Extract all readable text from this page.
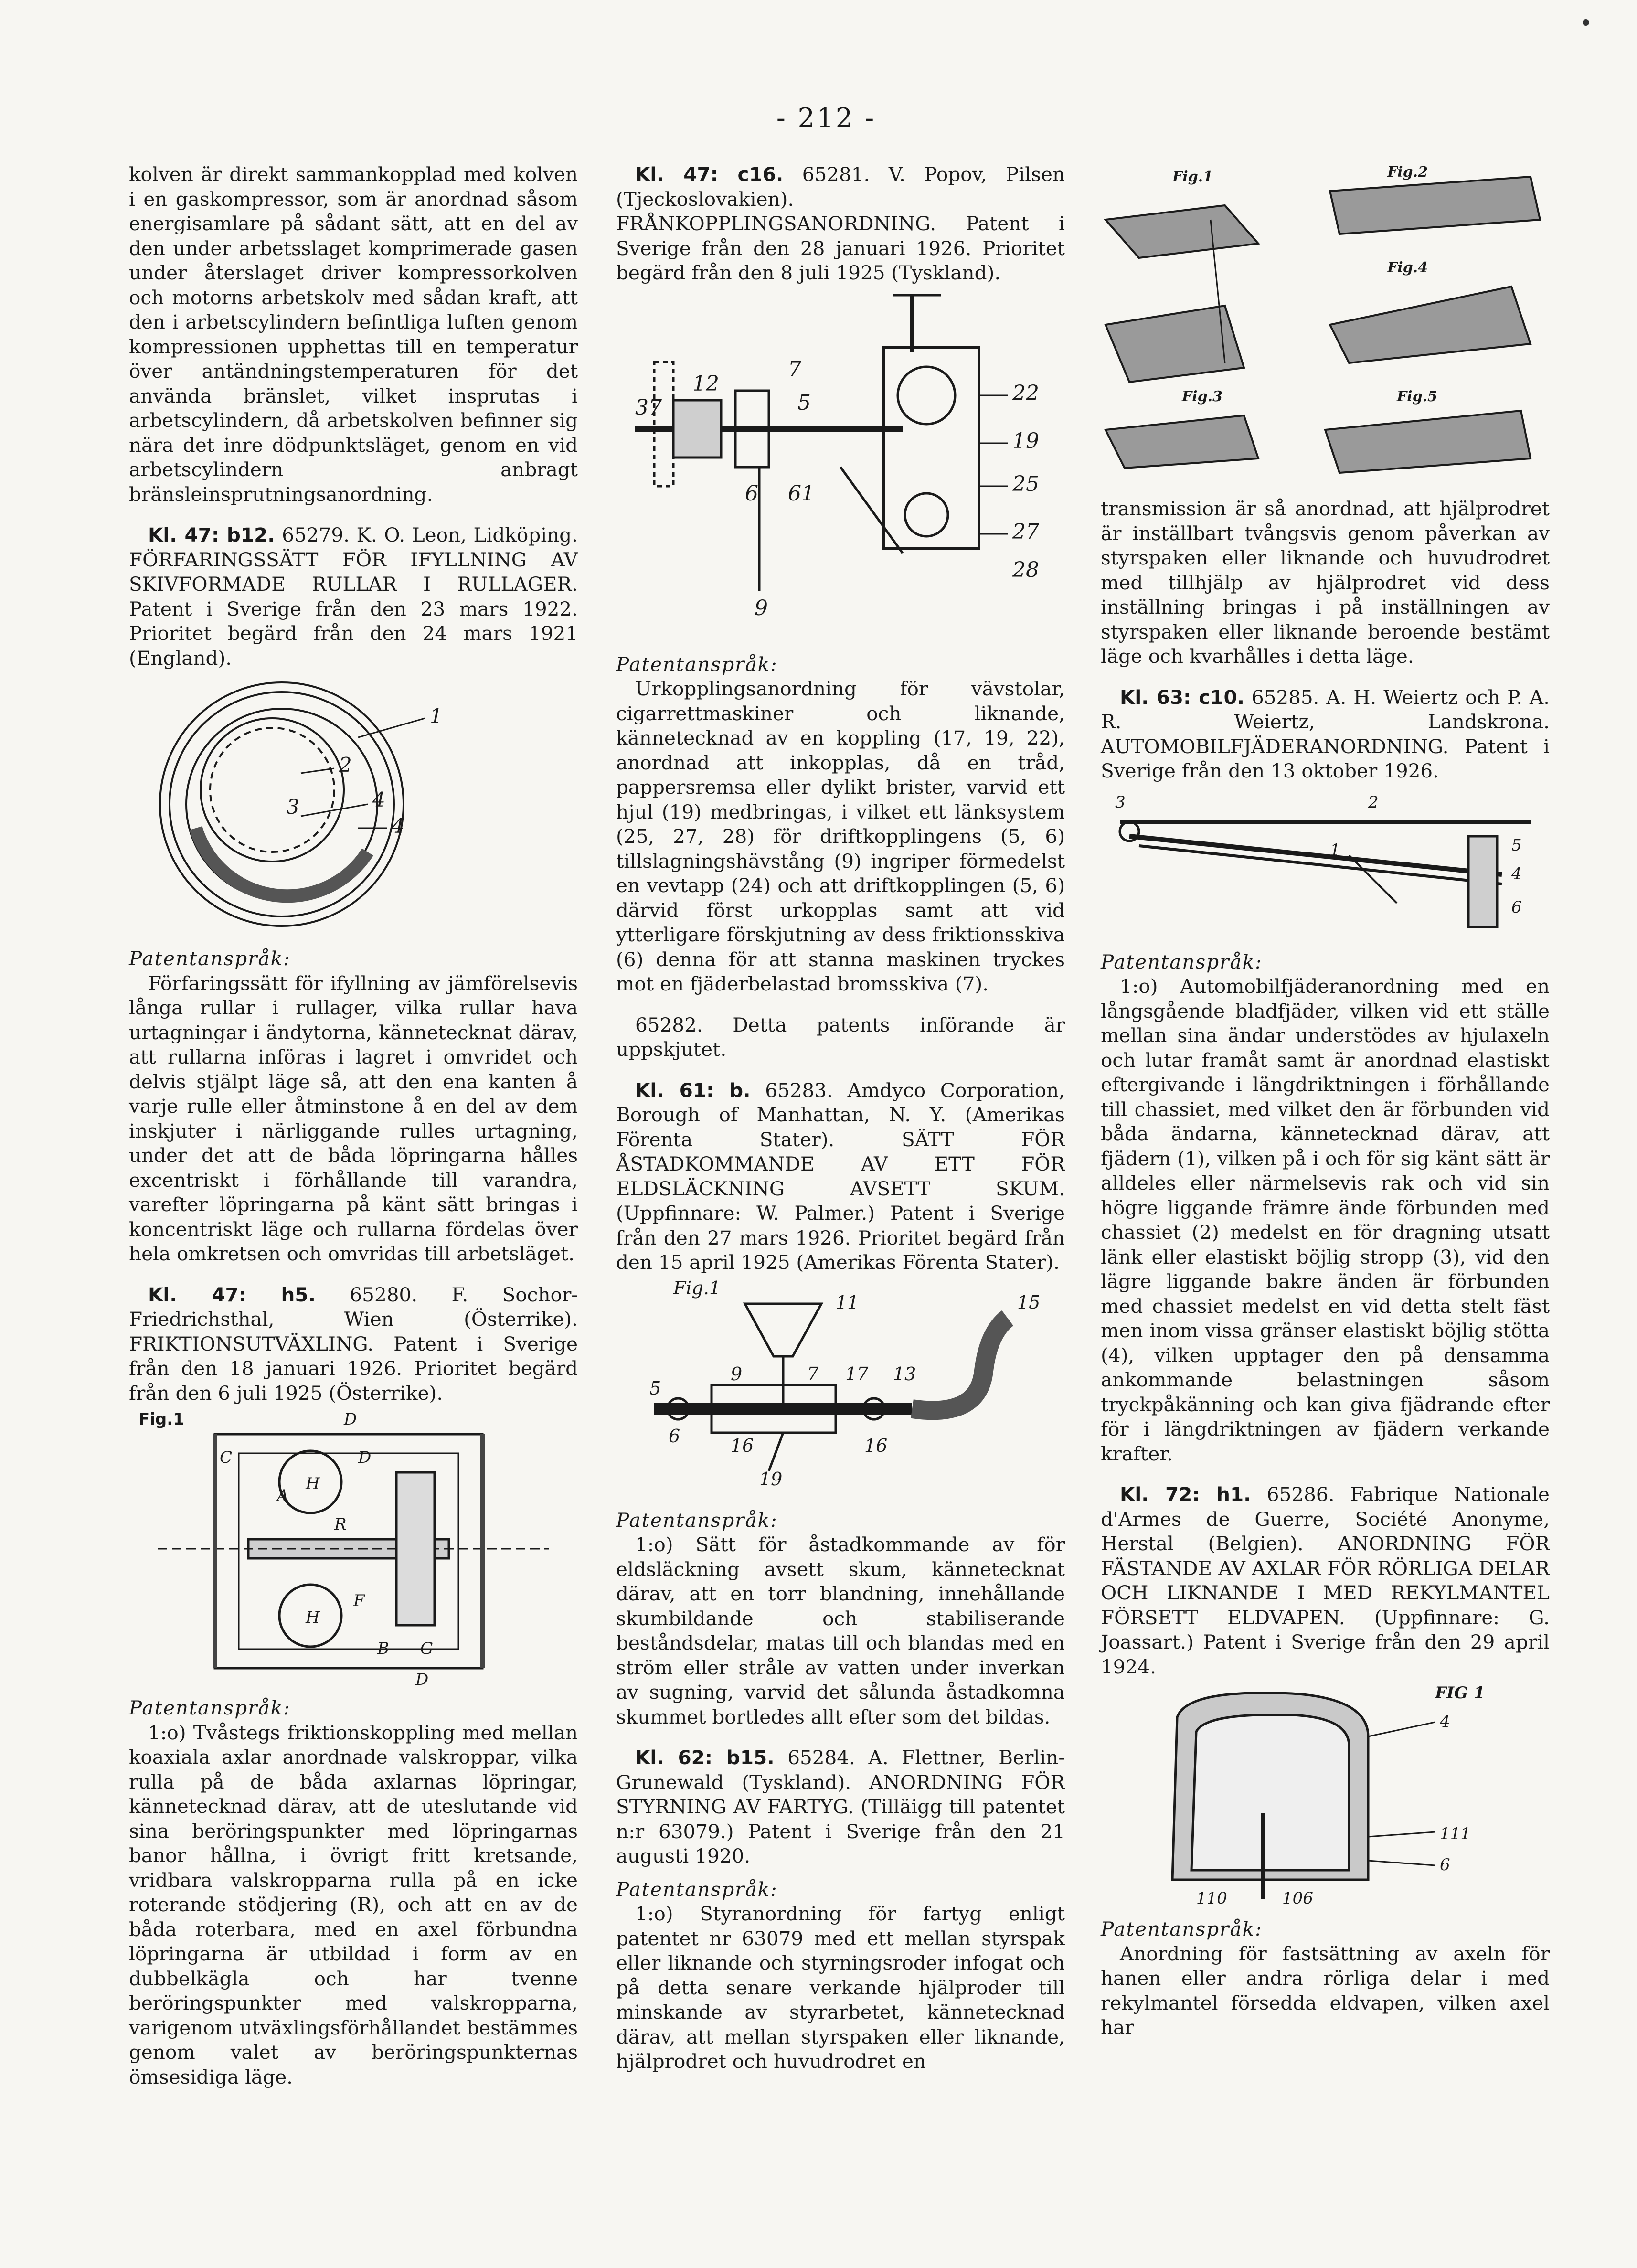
- 212 -

kolven är direkt sammankopplad med kolven i en gaskompressor, som är anordnad såsom energisamlare på sådant sätt, att en del av den under arbetsslaget komprimerade gasen under återslaget driver kompressorkolven och motorns arbetskolv med sådan kraft, att den i arbetscylindern befintliga luften genom kompressionen upphettas till en temperatur över antändningstemperaturen för det använda bränslet, vilket insprutas i arbetscylindern, då arbetskolven befinner sig nära det inre dödpunktsläget, genom en vid arbetscylindern anbragt bränsleinsprutningsanordning.

Kl. 47: b12. 65279. K. O. Leon, Lidköping. FÖRFARINGSSÄTT FÖR IFYLLNING AV SKIVFORMADE RULLAR I RULLAGER. Patent i Sverige från den 23 mars 1922. Prioritet begärd från den 24 mars 1921 (England).

1
2
3	4
4

Patentanspråk:

Förfaringssätt för ifyllning av jämförelsevis långa rullar i rullager, vilka rullar hava urtagningar i ändytorna, kännetecknat därav, att rullarna införas i lagret i omvridet och delvis stjälpt läge så, att den ena kanten å varje rulle eller åtminstone å en del av dem inskjuter i närliggande rulles urtagning, under det att de båda löpringarna hålles excentriskt i förhållande till varandra, varefter löpringarna på känt sätt bringas i koncentriskt läge och rullarna fördelas över hela omkretsen och omvridas till arbetsläget.

Kl. 47: h5. 65280. F. Sochor-Friedrichsthal, Wien (Österrike). FRIKTIONSUTVÄXLING. Patent i Sverige från den 18 januari 1926. Prioritet begärd från den 6 juli 1925 (Österrike).

Fig.1	D
C
A
H
R
H
D
F
B G
D

Patentanspråk:

1:o) Tvåstegs friktionskoppling med mellan koaxiala axlar anordnade valskroppar, vilka rulla på de båda axlarnas löpringar, kännetecknad därav, att de uteslutande vid sina beröringspunkter med löpringarnas banor hållna, i övrigt fritt kretsande, vridbara valskropparna rulla på en icke roterande stödjering (R), och att en av de båda roterbara, med en axel förbundna löpringarna är utbildad i form av en dubbelkägla och har tvenne beröringspunkter med valskropparna, varigenom utväxlingsförhållandet bestämmes genom valet av beröringspunkternas ömsesidiga läge.

Kl. 47: c16. 65281. V. Popov, Pilsen (Tjeckoslovakien). FRÅNKOPPLINGSANORDNING. Patent i Sverige från den 28 januari 1926. Prioritet begärd från den 8 juli 1925 (Tyskland).

7
22
19
25
27
28
9
37
12
5
6 61

Patentanspråk:

Urkopplingsanordning för vävstolar, cigarrettmaskiner och liknande, kännetecknad av en koppling (17, 19, 22), anordnad att inkopplas, då en tråd, pappersremsa eller dylikt brister, varvid ett hjul (19) medbringas, i vilket ett länksystem (25, 27, 28) för driftkopplingens (5, 6) tillslagningshävstång (9) ingriper förmedelst en vevtapp (24) och att driftkopplingen (5, 6) därvid först urkopplas samt att vid ytterligare förskjutning av dess friktionsskiva (6) denna för att stanna maskinen tryckes mot en fjäderbelastad bromsskiva (7).

65282. Detta patents införande är uppskjutet.

Kl. 61: b. 65283. Amdyco Corporation, Borough of Manhattan, N. Y. (Amerikas Förenta Stater). SÄTT FÖR ÅSTADKOMMANDE AV ETT FÖR ELDSLÄCKNING AVSETT SKUM. (Uppfinnare: W. Palmer.) Patent i Sverige från den 27 mars 1926. Prioritet begärd från den 15 april 1925 (Amerikas Förenta Stater).

Fig.1
11	15
5
9	7 17 13
6	16	16
19

Patentanspråk:

1:o) Sätt för åstadkommande av för eldsläckning avsett skum, kännetecknat därav, att en torr blandning, innehållande skumbildande och stabiliserande beståndsdelar, matas till och blandas med en ström eller stråle av vatten under inverkan av sugning, varvid det sålunda åstadkomna skummet bortledes allt efter som det bildas.

Kl. 62: b15. 65284. A. Flettner, Berlin-Grunewald (Tyskland). ANORDNING FÖR STYRNING AV FARTYG. (Tilläigg till patentet n:r 63079.) Patent i Sverige från den 21 augusti 1920.

Patentanspråk:

1:o) Styranordning för fartyg enligt patentet nr 63079 med ett mellan styrspak eller liknande och styrningsroder infogat och på detta senare verkande hjälproder till minskande av styrarbetet, kännetecknad därav, att mellan styrspaken eller liknande, hjälprodret och huvudrodret en

Fig.1	Fig.2
Fig.4
Fig.3	Fig.5

transmission är så anordnad, att hjälprodret är inställbart tvångsvis genom påverkan av styrspaken eller liknande och huvudrodret med tillhjälp av hjälprodret vid dess inställning bringas i på inställningen av styrspaken eller liknande beroende bestämt läge och kvarhålles i detta läge.

Kl. 63: c10. 65285. A. H. Weiertz och P. A. R. Weiertz, Landskrona. AUTOMOBILFJÄDERANORDNING. Patent i Sverige från den 13 oktober 1926.

3	2
1	5
4
6

Patentanspråk:

1:o) Automobilfjäderanordning med en långsgående bladfjäder, vilken vid ett ställe mellan sina ändar understödes av hjulaxeln och lutar framåt samt är anordnad elastiskt eftergivande i längdriktningen i förhållande till chassiet, med vilket den är förbunden vid båda ändarna, kännetecknad därav, att fjädern (1), vilken på i och för sig känt sätt är alldeles eller närmelsevis rak och vid sin högre liggande främre ände förbunden med chassiet (2) medelst en för dragning utsatt länk eller elastiskt böjlig stropp (3), vid den lägre liggande bakre änden är förbunden med chassiet medelst en vid detta stelt fäst men inom vissa gränser elastiskt böjlig stötta (4), vilken upptager den på densamma ankommande belastningen såsom tryckpåkänning och kan giva fjädrande efter för i längdriktningen av fjädern verkande krafter.

Kl. 72: h1. 65286. Fabrique Nationale d'Armes de Guerre, Société Anonyme, Herstal (Belgien). ANORDNING FÖR FÄSTANDE AV AXLAR FÖR RÖRLIGA DELAR OCH LIKNANDE I MED REKYLMANTEL FÖRSETT ELDVAPEN. (Uppfinnare: G. Joassart.) Patent i Sverige från den 29 april 1924.

FIG 1
4
111
6
110	106

Patentanspråk:

Anordning för fastsättning av axeln för hanen eller andra rörliga delar i med rekylmantel försedda eldvapen, vilken axel har
